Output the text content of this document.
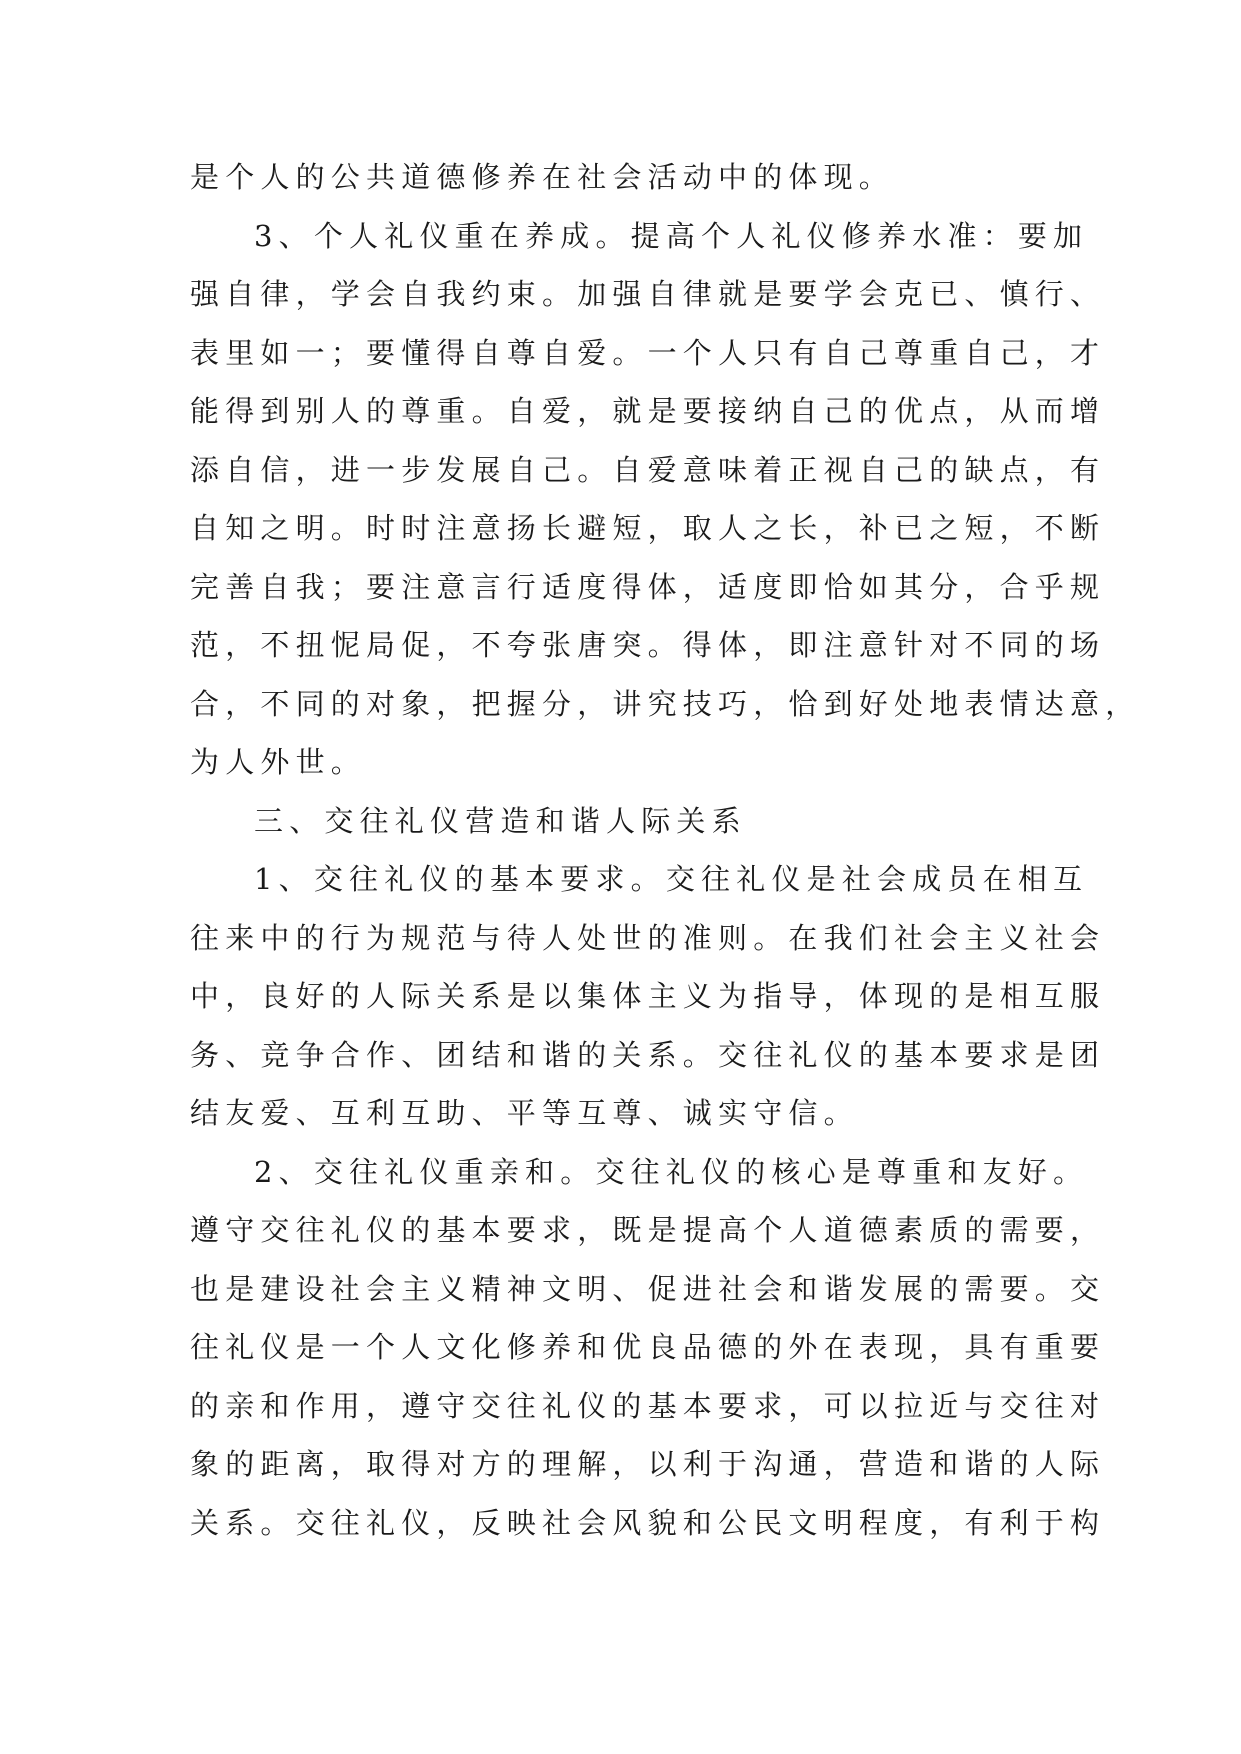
是个人的公共道德修养在社会活动中的体现。
3、个人礼仪重在养成。提高个人礼仪修养水准：要加
强自律，学会自我约束。加强自律就是要学会克已、慎行、
表里如一；要懂得自尊自爱。一个人只有自己尊重自己，才
能得到别人的尊重。自爱，就是要接纳自己的优点，从而增
添自信，进一步发展自己。自爱意味着正视自己的缺点，有
自知之明。时时注意扬长避短，取人之长，补已之短，不断
完善自我；要注意言行适度得体，适度即恰如其分，合乎规
范，不扭怩局促，不夸张唐突。得体，即注意针对不同的场
合，不同的对象，把握分，讲究技巧，恰到好处地表情达意，
为人外世。
三、交往礼仪营造和谐人际关系
1、交往礼仪的基本要求。交往礼仪是社会成员在相互
往来中的行为规范与待人处世的准则。在我们社会主义社会
中，良好的人际关系是以集体主义为指导，体现的是相互服
务、竞争合作、团结和谐的关系。交往礼仪的基本要求是团
结友爱、互利互助、平等互尊、诚实守信。
2、交往礼仪重亲和。交往礼仪的核心是尊重和友好。
遵守交往礼仪的基本要求，既是提高个人道德素质的需要，
也是建设社会主义精神文明、促进社会和谐发展的需要。交
往礼仪是一个人文化修养和优良品德的外在表现，具有重要
的亲和作用，遵守交往礼仪的基本要求，可以拉近与交往对
象的距离，取得对方的理解，以利于沟通，营造和谐的人际
关系。交往礼仪，反映社会风貌和公民文明程度，有利于构
